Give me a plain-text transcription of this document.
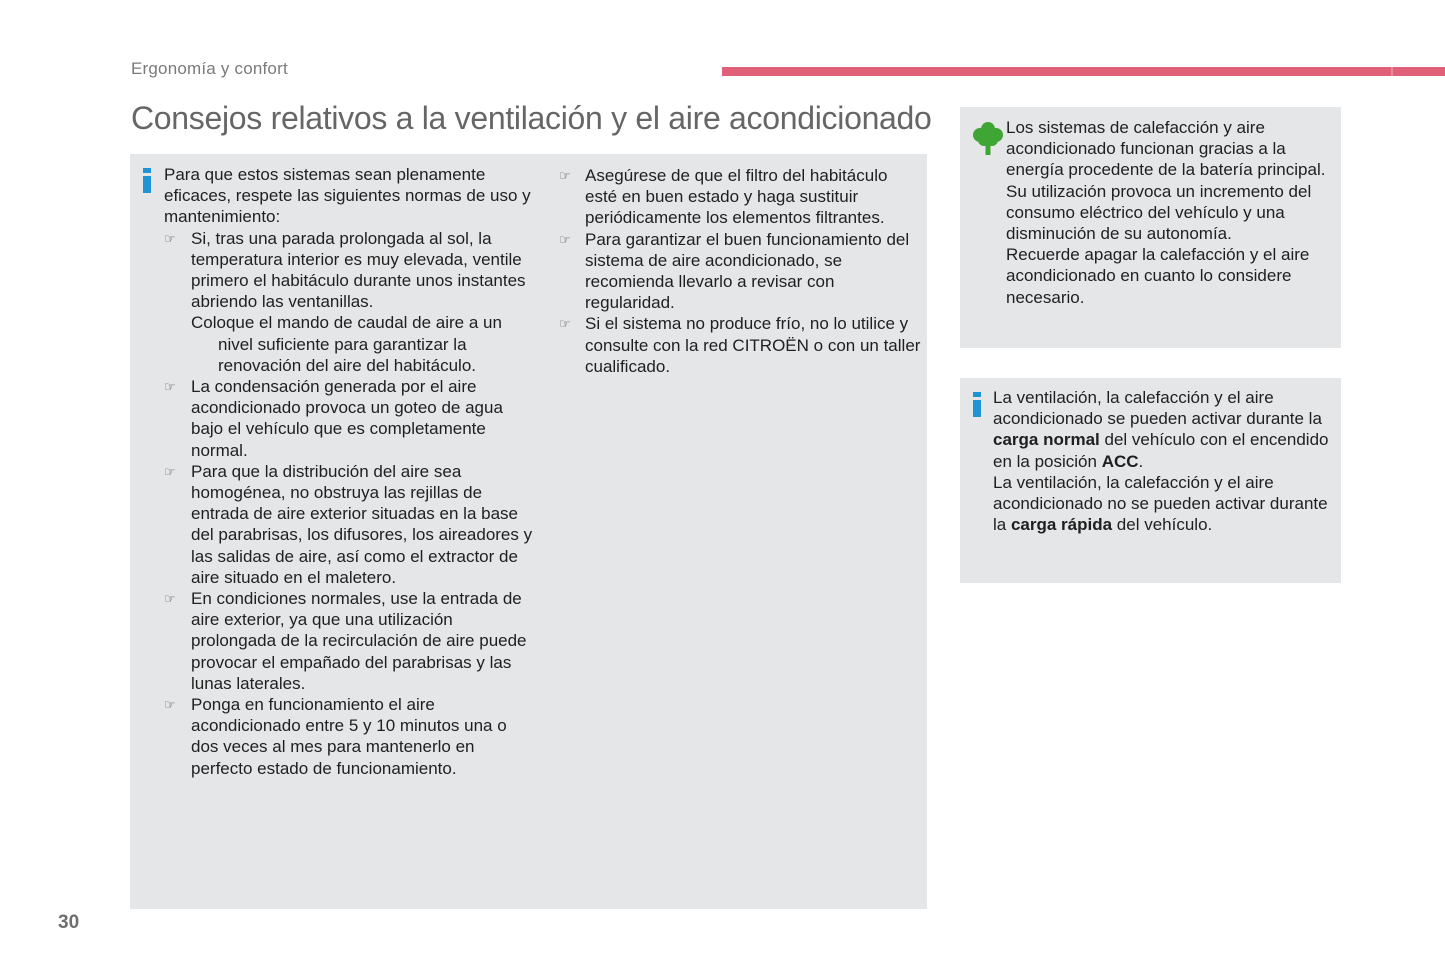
Ergonomía y confort
Consejos relativos a la ventilación y el aire acondicionado

Para que estos sistemas sean plenamente eficaces, respete las siguientes normas de uso y mantenimiento:

☞ Si, tras una parada prolongada al sol, la temperatura interior es muy elevada, ventile primero el habitáculo durante unos instantes abriendo las ventanillas.

Coloque el mando de caudal de aire a un nivel suficiente para garantizar la renovación del aire del habitáculo.

☞ La condensación generada por el aire acondicionado provoca un goteo de agua bajo el vehículo que es completamente normal.

☞ Para que la distribución del aire sea homogénea, no obstruya las rejillas de entrada de aire exterior situadas en la base del parabrisas, los difusores, los aireadores y las salidas de aire, así como el extractor de aire situado en el maletero.

☞ En condiciones normales, use la entrada de aire exterior, ya que una utilización prolongada de la recirculación de aire puede provocar el empañado del parabrisas y las lunas laterales.

☞ Ponga en funcionamiento el aire acondicionado entre 5 y 10 minutos una o dos veces al mes para mantenerlo en perfecto estado de funcionamiento.

☞ Asegúrese de que el filtro del habitáculo esté en buen estado y haga sustituir periódicamente los elementos filtrantes.

☞ Para garantizar el buen funcionamiento del sistema de aire acondicionado, se recomienda llevarlo a revisar con regularidad.

☞ Si el sistema no produce frío, no lo utilice y consulte con la red CITROËN o con un taller cualificado.

Los sistemas de calefacción y aire acondicionado funcionan gracias a la energía procedente de la batería principal. Su utilización provoca un incremento del consumo eléctrico del vehículo y una disminución de su autonomía.

Recuerde apagar la calefacción y el aire acondicionado en cuanto lo considere necesario.

La ventilación, la calefacción y el aire acondicionado se pueden activar durante la carga normal del vehículo con el encendido en la posición ACC.

La ventilación, la calefacción y el aire acondicionado no se pueden activar durante la carga rápida del vehículo.

30
